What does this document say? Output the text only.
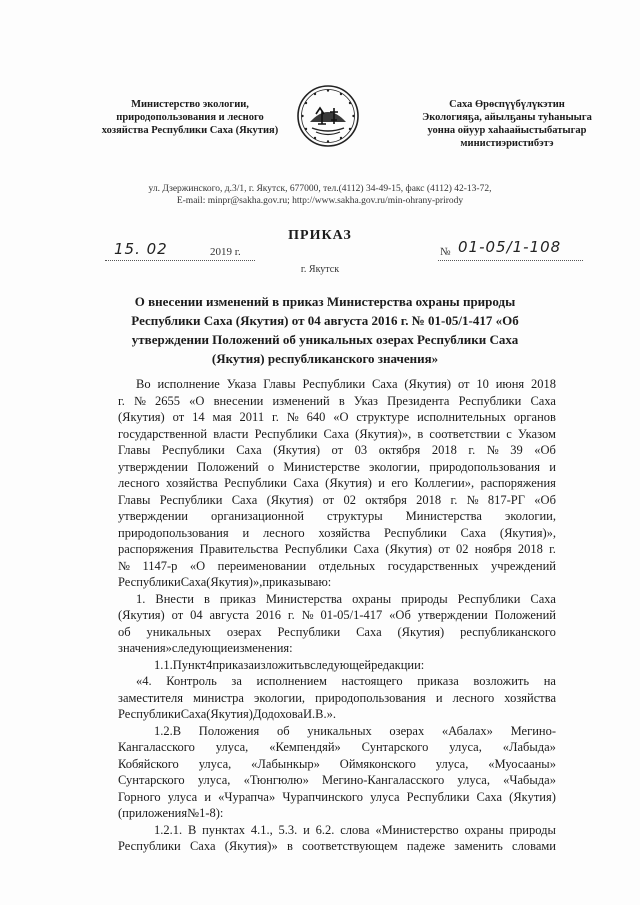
Министерство экологии,
природопользования и лесного
хозяйства Республики Саха (Якутия)
Саха Өрөспүүбүлүкэтин
Экологияҕа, айылҕаны туһаныыга
уонна ойуур хаһаайыстыбатыгар
министиэристибэтэ
ул. Дзержинского, д.3/1, г. Якутск, 677000, тел.(4112) 34-49-15, факс (4112) 42-13-72,
E-mail: minpr@sakha.gov.ru; http://www.sakha.gov.ru/min-ohrany-prirody
ПРИКАЗ
15. 02	2019 г.	№ 01-05/1-108
г. Якутск
О внесении изменений в приказ Министерства охраны природы
Республики Саха (Якутия) от 04 августа 2016 г. № 01-05/1-417 «Об
утверждении Положений об уникальных озерах Республики Саха
(Якутия) республиканского значения»
Во исполнение Указа Главы Республики Саха (Якутия) от 10 июня 2018
г. № 2655 «О внесении изменений в Указ Президента Республики Саха
(Якутия) от 14 мая 2011 г. № 640 «О структуре исполнительных органов
государственной власти Республики Саха (Якутия)», в соответствии с Указом
Главы Республики Саха (Якутия) от 03 октября 2018 г. № 39 «Об
утверждении Положений о Министерстве экологии, природопользования и
лесного хозяйства Республики Саха (Якутия) и его Коллегии», распоряжения
Главы Республики Саха (Якутия) от 02 октября 2018 г. № 817-РГ «Об
утверждении организационной структуры Министерства экологии,
природопользования и лесного хозяйства Республики Саха (Якутия)»,
распоряжения Правительства Республики Саха (Якутия) от 02 ноября 2018 г.
№ 1147-р «О переименовании отдельных государственных учреждений
Республики Саха (Якутия)», п р и к а з ы в а ю:
1. Внести в приказ Министерства охраны природы Республики Саха
(Якутия) от 04 августа 2016 г. № 01-05/1-417 «Об утверждении Положений
об уникальных озерах Республики Саха (Якутия) республиканского
значения» следующие изменения:
1.1.Пункт 4 приказа изложить в следующей редакции:
«4. Контроль за исполнением настоящего приказа возложить на
заместителя министра экологии, природопользования и лесного хозяйства
Республики Саха (Якутия) Додохова И.В.».
1.2.В Положения об уникальных озерах «Абалах» Мегино-
Кангаласского улуса, «Кемпендяй» Сунтарского улуса, «Лабыда»
Кобяйского улуса, «Лабынкыр» Оймяконского улуса, «Муосааны»
Сунтарского улуса, «Тюнгюлю» Мегино-Кангаласского улуса, «Чабыда»
Горного улуса и «Чурапча» Чурапчинского улуса Республики Саха (Якутия)
(приложения № 1-8):
1.2.1. В пунктах 4.1., 5.3. и 6.2. слова «Министерство охраны природы
Республики Саха (Якутия)» в соответствующем падеже заменить словами
